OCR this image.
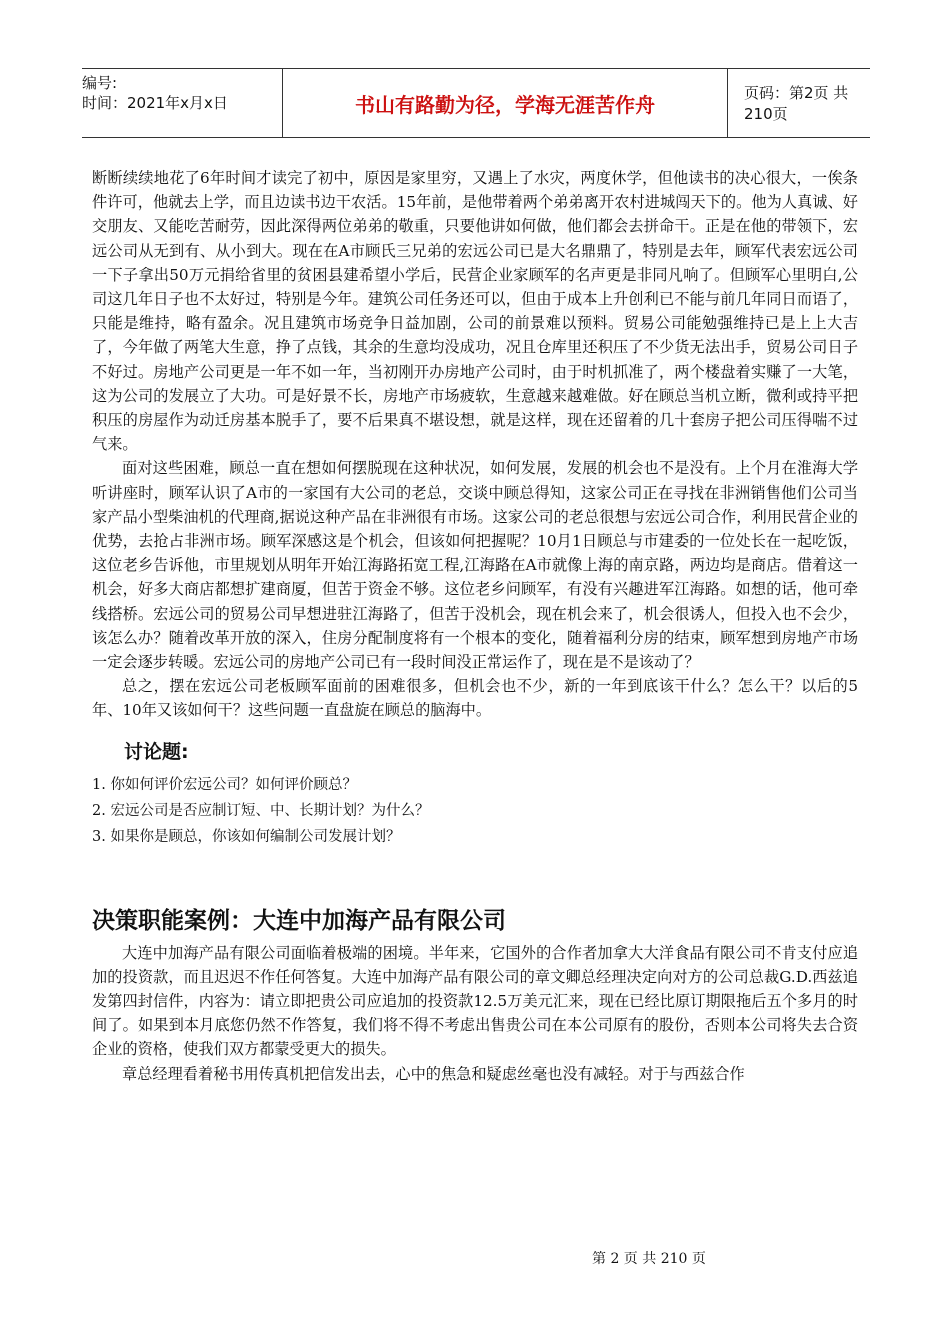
编号:
时间：2021年x月x日	书山有路勤为径，学海无涯苦作舟	页码：第2页 共210页

断断续续地花了6年时间才读完了初中，原因是家里穷，又遇上了水灾，两度休学，但他读书的决心很大，一俟条件许可，他就去上学，而且边读书边干农活。15年前，是他带着两个弟弟离开农村进城闯天下的。他为人真诚、好交朋友、又能吃苦耐劳，因此深得两位弟弟的敬重，只要他讲如何做，他们都会去拼命干。正是在他的带领下，宏远公司从无到有、从小到大。现在在A市顾氏三兄弟的宏远公司已是大名鼎鼎了，特别是去年，顾军代表宏远公司一下子拿出50万元捐给省里的贫困县建希望小学后，民营企业家顾军的名声更是非同凡响了。但顾军心里明白,公司这几年日子也不太好过，特别是今年。建筑公司任务还可以，但由于成本上升创利已不能与前几年同日而语了，只能是维持，略有盈余。况且建筑市场竞争日益加剧，公司的前景难以预料。贸易公司能勉强维持已是上上大吉了，今年做了两笔大生意，挣了点钱，其余的生意均没成功，况且仓库里还积压了不少货无法出手，贸易公司日子不好过。房地产公司更是一年不如一年，当初刚开办房地产公司时，由于时机抓准了，两个楼盘着实赚了一大笔，这为公司的发展立了大功。可是好景不长，房地产市场疲软，生意越来越难做。好在顾总当机立断，微利或持平把积压的房屋作为动迁房基本脱手了，要不后果真不堪设想，就是这样，现在还留着的几十套房子把公司压得喘不过气来。

面对这些困难，顾总一直在想如何摆脱现在这种状况，如何发展，发展的机会也不是没有。上个月在淮海大学听讲座时，顾军认识了A市的一家国有大公司的老总，交谈中顾总得知，这家公司正在寻找在非洲销售他们公司当家产品小型柴油机的代理商,据说这种产品在非洲很有市场。这家公司的老总很想与宏远公司合作，利用民营企业的优势，去抢占非洲市场。顾军深感这是个机会，但该如何把握呢？10月1日顾总与市建委的一位处长在一起吃饭，这位老乡告诉他，市里规划从明年开始江海路拓宽工程,江海路在A市就像上海的南京路，两边均是商店。借着这一机会，好多大商店都想扩建商厦，但苦于资金不够。这位老乡问顾军，有没有兴趣进军江海路。如想的话，他可牵线搭桥。宏远公司的贸易公司早想进驻江海路了，但苦于没机会，现在机会来了，机会很诱人，但投入也不会少，该怎么办？随着改革开放的深入，住房分配制度将有一个根本的变化，随着福利分房的结束，顾军想到房地产市场一定会逐步转暖。宏远公司的房地产公司已有一段时间没正常运作了，现在是不是该动了？

总之，摆在宏远公司老板顾军面前的困难很多，但机会也不少，新的一年到底该干什么？怎么干？以后的5年、10年又该如何干？这些问题一直盘旋在顾总的脑海中。

讨论题:
1. 你如何评价宏远公司？如何评价顾总？
2. 宏远公司是否应制订短、中、长期计划？为什么？
3. 如果你是顾总，你该如何编制公司发展计划？
决策职能案例：大连中加海产品有限公司

大连中加海产品有限公司面临着极端的困境。半年来，它国外的合作者加拿大大洋食品有限公司不肯支付应追加的投资款，而且迟迟不作任何答复。大连中加海产品有限公司的章文卿总经理决定向对方的公司总裁G.D.西兹追发第四封信件，内容为：请立即把贵公司应追加的投资款12.5万美元汇来，现在已经比原订期限拖后五个多月的时间了。如果到本月底您仍然不作答复，我们将不得不考虑出售贵公司在本公司原有的股份，否则本公司将失去合资企业的资格，使我们双方都蒙受更大的损失。

章总经理看着秘书用传真机把信发出去，心中的焦急和疑虑丝毫也没有减轻。对于与西兹合作

第 2 页 共 210 页
